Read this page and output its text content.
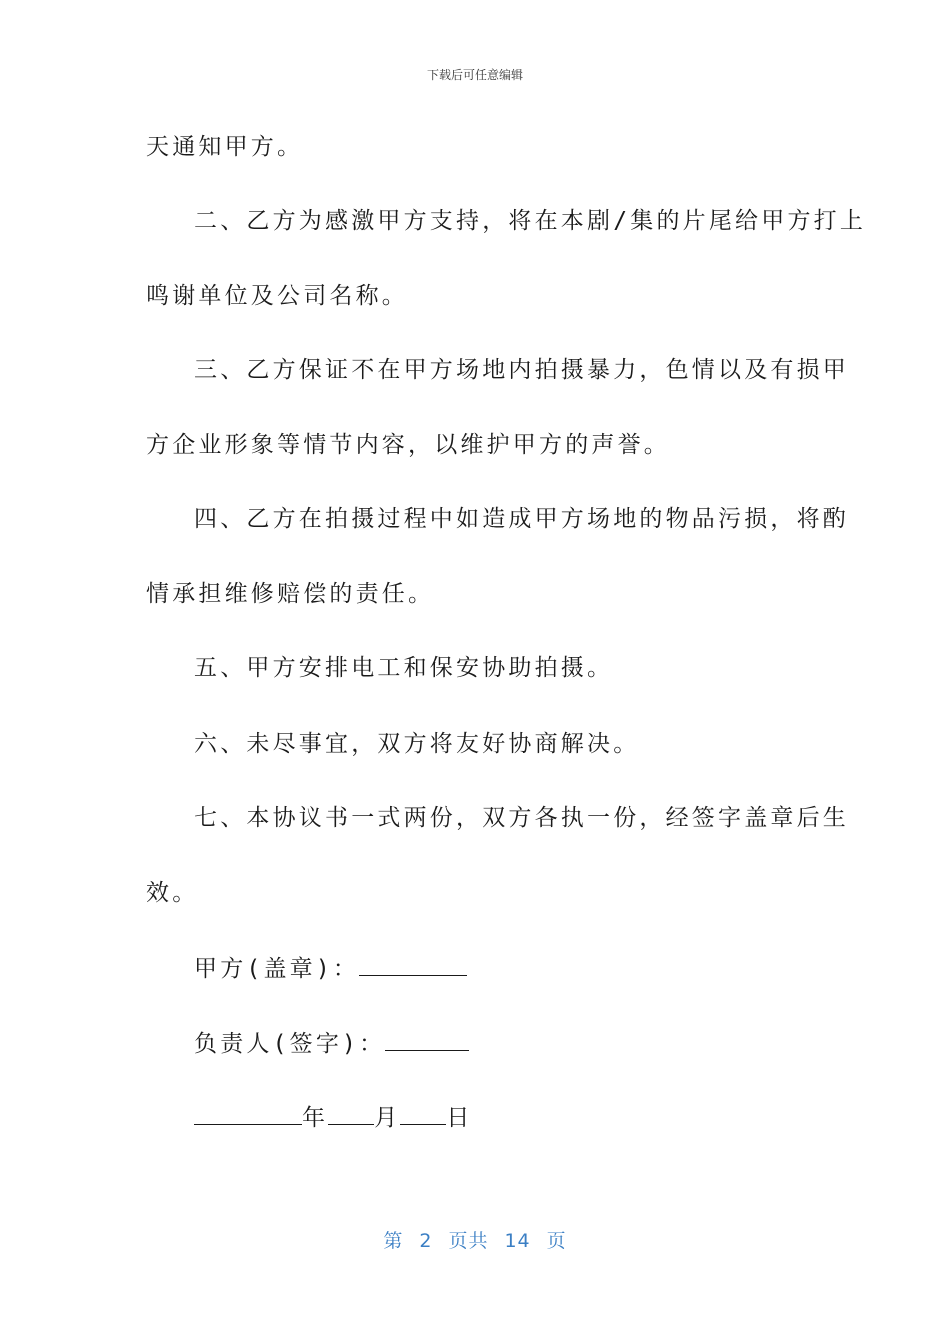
下载后可任意编辑
天通知甲方。
二、乙方为感激甲方支持，将在本剧/集的片尾给甲方打上
鸣谢单位及公司名称。
三、乙方保证不在甲方场地内拍摄暴力，色情以及有损甲
方企业形象等情节内容，以维护甲方的声誉。
四、乙方在拍摄过程中如造成甲方场地的物品污损，将酌
情承担维修赔偿的责任。
五、甲方安排电工和保安协助拍摄。
六、未尽事宜，双方将友好协商解决。
七、本协议书一式两份，双方各执一份，经签字盖章后生
效。
甲方(盖章)：
负责人(签字)：
年 月 日
第 2 页共 14 页
